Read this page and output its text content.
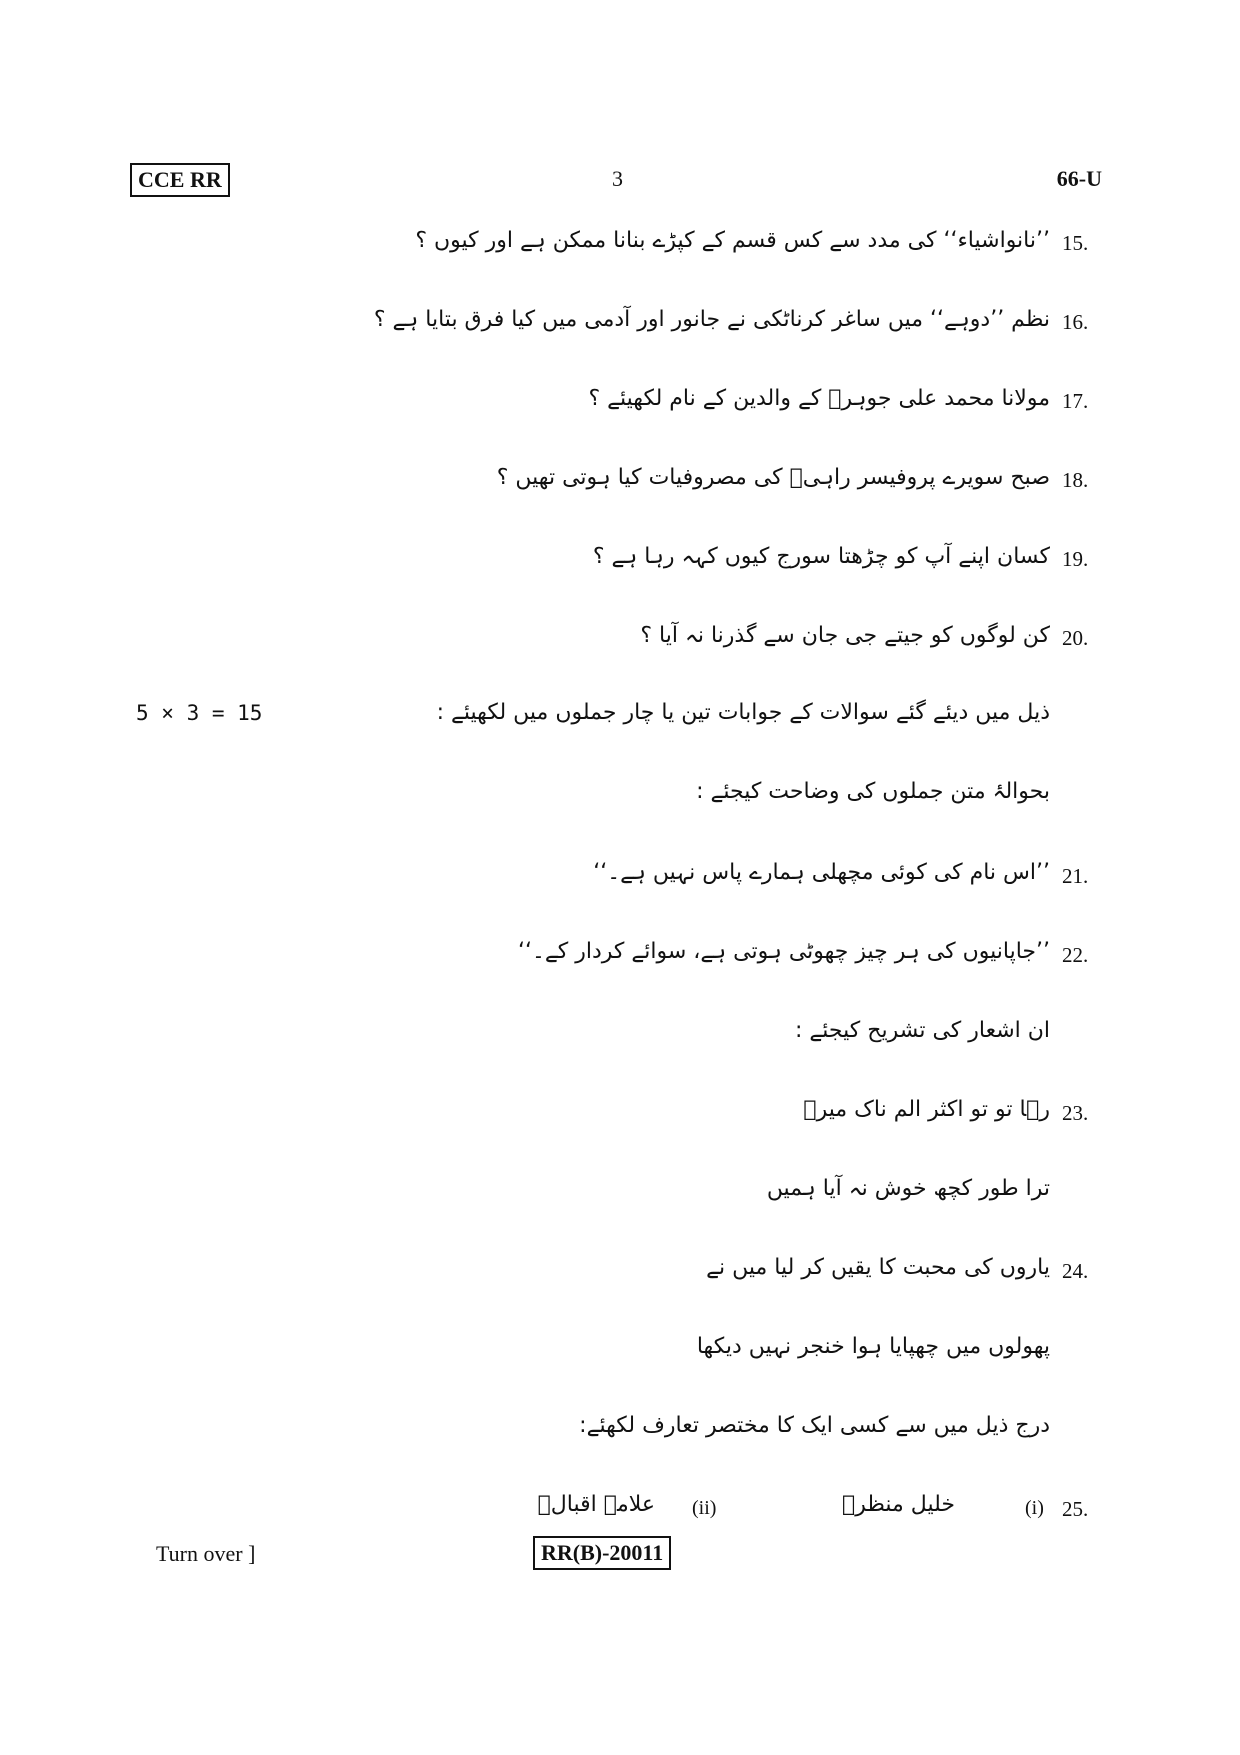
CCE RR	3	66-U
15.
’’نانواشیاء‘‘ کی مدد سے کس قسم کے کپڑے بنانا ممکن ہے اور کیوں ؟
16.
نظم ’’دوہے‘‘ میں ساغر کرناٹکی نے جانور اور آدمی میں کیا فرق بتایا ہے ؟
17.
مولانا محمد علی جوہرؔ کے والدین کے نام لکھیئے ؟
18.
صبح سویرے پروفیسر راہیؔ کی مصروفیات کیا ہوتی تھیں ؟
19.
کسان اپنے آپ کو چڑھتا سورج کیوں کہہ رہا ہے ؟
20.
کن لوگوں کو جیتے جی جان سے گذرنا نہ آیا ؟
5 × 3 = 15	ذیل میں دیئے گئے سوالات کے جوابات تین یا چار جملوں میں لکھیئے :
بحوالۂ متن جملوں کی وضاحت کیجئے :
21.
’’اس نام کی کوئی مچھلی ہمارے پاس نہیں ہے۔‘‘
22.
’’جاپانیوں کی ہر چیز چھوٹی ہوتی ہے، سوائے کردار کے۔‘‘
ان اشعار کی تشریح کیجئے :
23.
رہا تو تو اکثر الم ناک میرؔ
ترا طور کچھ خوش نہ آیا ہمیں
24.
یاروں کی محبت کا یقیں کر لیا میں نے
پھولوں میں چھپایا ہوا خنجر نہیں دیکھا
درج ذیل میں سے کسی ایک کا مختصر تعارف لکھئے:
25.
(i)
خلیل منظرؔ
(ii)
علامہ اقبالؔ
Turn over ]	RR(B)-20011
